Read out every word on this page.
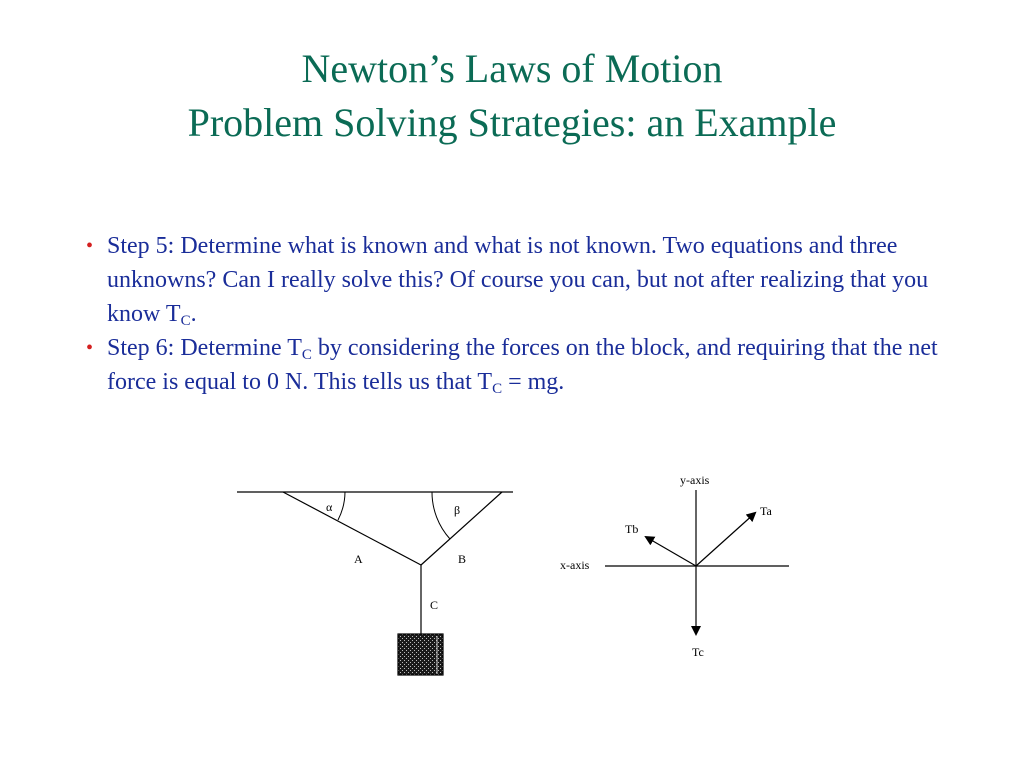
Newton’s Laws of Motion
Problem Solving Strategies: an Example
• Step 5: Determine what is known and what is not known. Two equations and three unknowns? Can I really solve this? Of course you can, but not after realizing that you know $T_C$.
• Step 6: Determine $T_C$ by considering the forces on the block, and requiring that the net force is equal to 0 N. This tells us that $T_C$ = mg.
α	β
A	B
C
y-axis
x-axis
Ta
Tb
Tc
